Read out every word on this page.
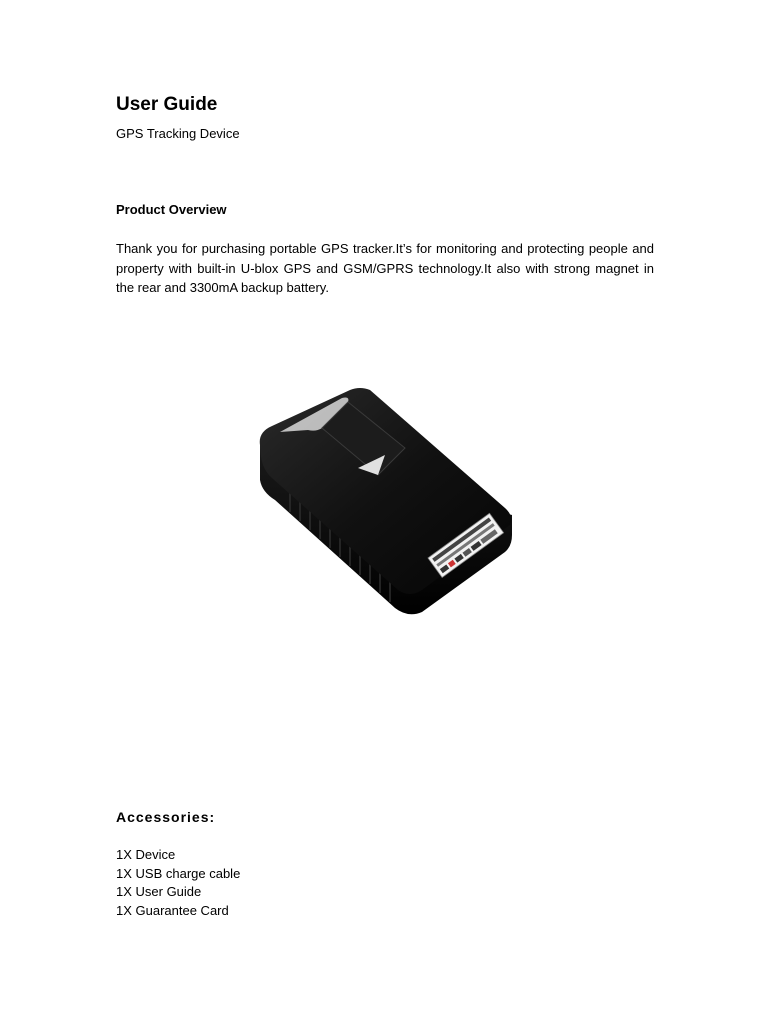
User Guide

GPS Tracking Device

Product Overview

Thank you for purchasing portable GPS tracker.It’s for monitoring and protecting people and property with built-in U-blox GPS and GSM/GPRS technology.It also with strong magnet in the rear and 3300mA backup battery.

Accessories:
1X Device
1X USB charge cable
1X User Guide
1X Guarantee Card
